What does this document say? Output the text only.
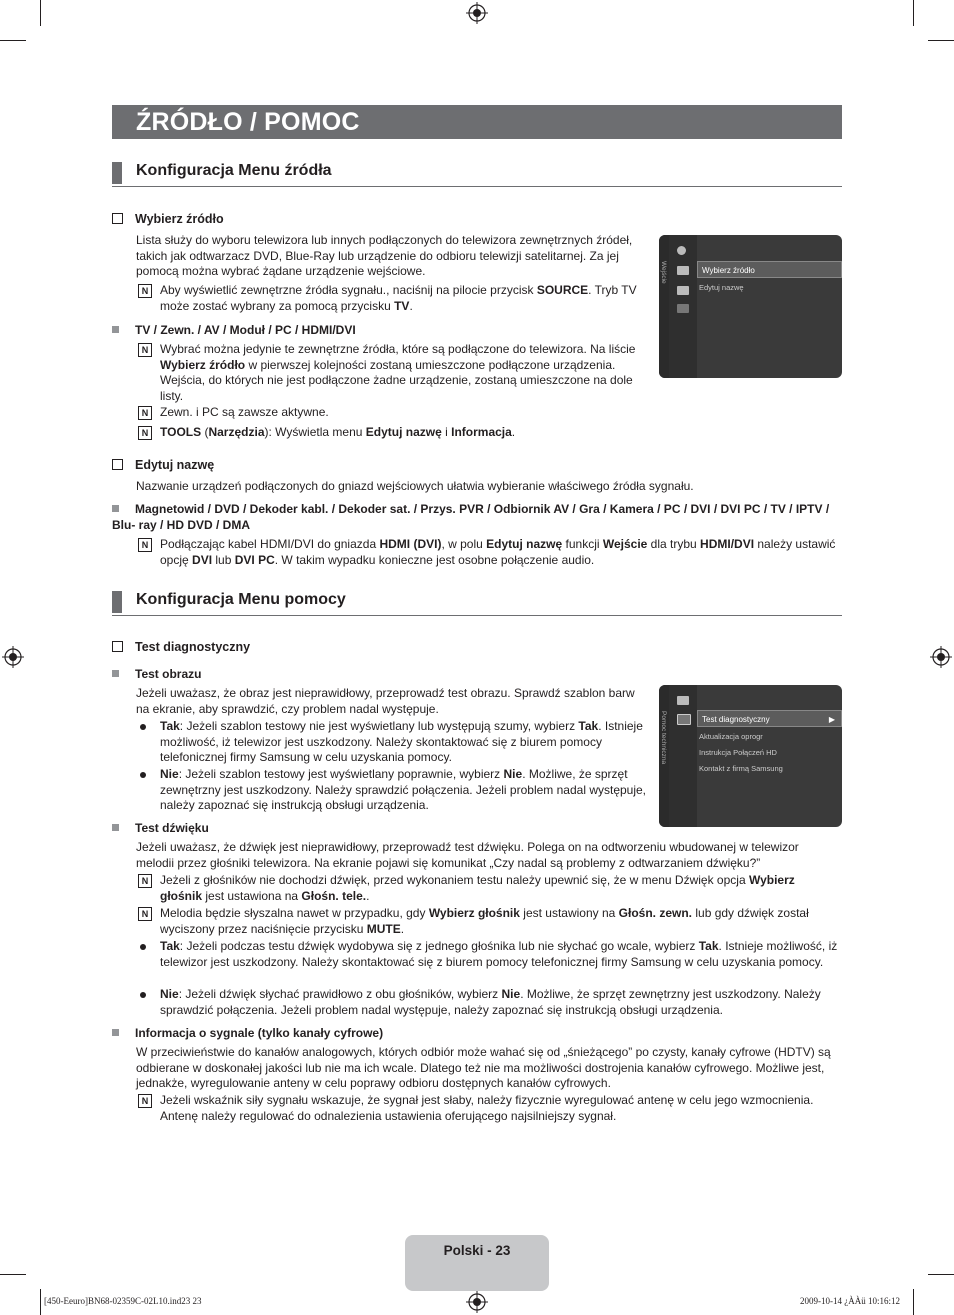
ŹRÓDŁO / POMOC
Konfiguracja Menu źródła
Wybierz źródło
Lista służy do wyboru telewizora lub innych podłączonych do telewizora zewnętrznych źródeł, takich jak odtwarzacz DVD, Blue-Ray lub urządzenie do odbioru telewizji satelitarnej. Za jej pomocą można wybrać żądane urządzenie wejściowe.
N Aby wyświetlić zewnętrzne źródła sygnału., naciśnij na pilocie przycisk SOURCE. Tryb TV może zostać wybrany za pomocą przycisku TV.
TV / Zewn. / AV / Moduł / PC / HDMI/DVI
N Wybrać można jedynie te zewnętrzne źródła, które są podłączone do telewizora. Na liście Wybierz źródło w pierwszej kolejności zostaną umieszczone podłączone urządzenia. Wejścia, do których nie jest podłączone żadne urządzenie, zostaną umieszczone na dole listy.
N Zewn. i PC są zawsze aktywne.
N TOOLS (Narzędzia): Wyświetla menu Edytuj nazwę i Informacja.
Wejście	Wybierz źródło
Edytuj nazwę
Edytuj nazwę
Nazwanie urządzeń podłączonych do gniazd wejściowych ułatwia wybieranie właściwego źródła sygnału.
Magnetowid / DVD / Dekoder kabl. / Dekoder sat. / Przys. PVR / Odbiornik AV / Gra / Kamera / PC / DVI / DVI PC / TV / IPTV / Blu- ray / HD DVD / DMA
N Podłączając kabel HDMI/DVI do gniazda HDMI (DVI), w polu Edytuj nazwę funkcji Wejście dla trybu HDMI/DVI należy ustawić opcję DVI lub DVI PC. W takim wypadku konieczne jest osobne połączenie audio.
Konfiguracja Menu pomocy
Test diagnostyczny
Test obrazu
Jeżeli uważasz, że obraz jest nieprawidłowy, przeprowadź test obrazu. Sprawdź szablon barw na ekranie, aby sprawdzić, czy problem nadal występuje.
Tak: Jeżeli szablon testowy nie jest wyświetlany lub występują szumy, wybierz Tak. Istnieje możliwość, iż telewizor jest uszkodzony. Należy skontaktować się z biurem pomocy telefonicznej firmy Samsung w celu uzyskania pomocy.
Nie: Jeżeli szablon testowy jest wyświetlany poprawnie, wybierz Nie. Możliwe, że sprzęt zewnętrzny jest uszkodzony. Należy sprawdzić połączenia. Jeżeli problem nadal występuje, należy zapoznać się instrukcją obsługi urządzenia.
Pomoc techniczna	Test diagnostyczny	▶
Aktualizacja oprogr
Instrukcja Połączeń HD
Kontakt z firmą Samsung
Test dźwięku
Jeżeli uważasz, że dźwięk jest nieprawidłowy, przeprowadź test dźwięku. Polega on na odtworzeniu wbudowanej w telewizor melodii przez głośniki telewizora. Na ekranie pojawi się komunikat „Czy nadal są problemy z odtwarzaniem dźwięku?”
N Jeżeli z głośników nie dochodzi dźwięk, przed wykonaniem testu należy upewnić się, że w menu Dźwięk opcja Wybierz głośnik jest ustawiona na Głośn. tele..
N Melodia będzie słyszalna nawet w przypadku, gdy Wybierz głośnik jest ustawiony na Głośn. zewn. lub gdy dźwięk został wyciszony przez naciśnięcie przycisku MUTE.
Tak: Jeżeli podczas testu dźwięk wydobywa się z jednego głośnika lub nie słychać go wcale, wybierz Tak. Istnieje możliwość, iż telewizor jest uszkodzony. Należy skontaktować się z biurem pomocy telefonicznej firmy Samsung w celu uzyskania pomocy.
Nie: Jeżeli dźwięk słychać prawidłowo z obu głośników, wybierz Nie. Możliwe, że sprzęt zewnętrzny jest uszkodzony. Należy sprawdzić połączenia. Jeżeli problem nadal występuje, należy zapoznać się instrukcją obsługi urządzenia.
Informacja o sygnale (tylko kanały cyfrowe)
W przeciwieństwie do kanałów analogowych, których odbiór może wahać się od „śnieżącego” po czysty, kanały cyfrowe (HDTV) są odbierane w doskonałej jakości lub nie ma ich wcale. Dlatego też nie ma możliwości dostrojenia kanałów cyfrowego. Możliwe jest, jednakże, wyregulowanie anteny w celu poprawy odbioru dostępnych kanałów cyfrowych.
N Jeżeli wskaźnik siły sygnału wskazuje, że sygnał jest słaby, należy fizycznie wyregulować antenę w celu jego wzmocnienia. Antenę należy regulować do odnalezienia ustawienia oferującego najsilniejszy sygnał.
Polski - 23
[450-Eeuro]BN68-02359C-02L10.ind23 23	2009-10-14 ¿ÀÀü 10:16:12
